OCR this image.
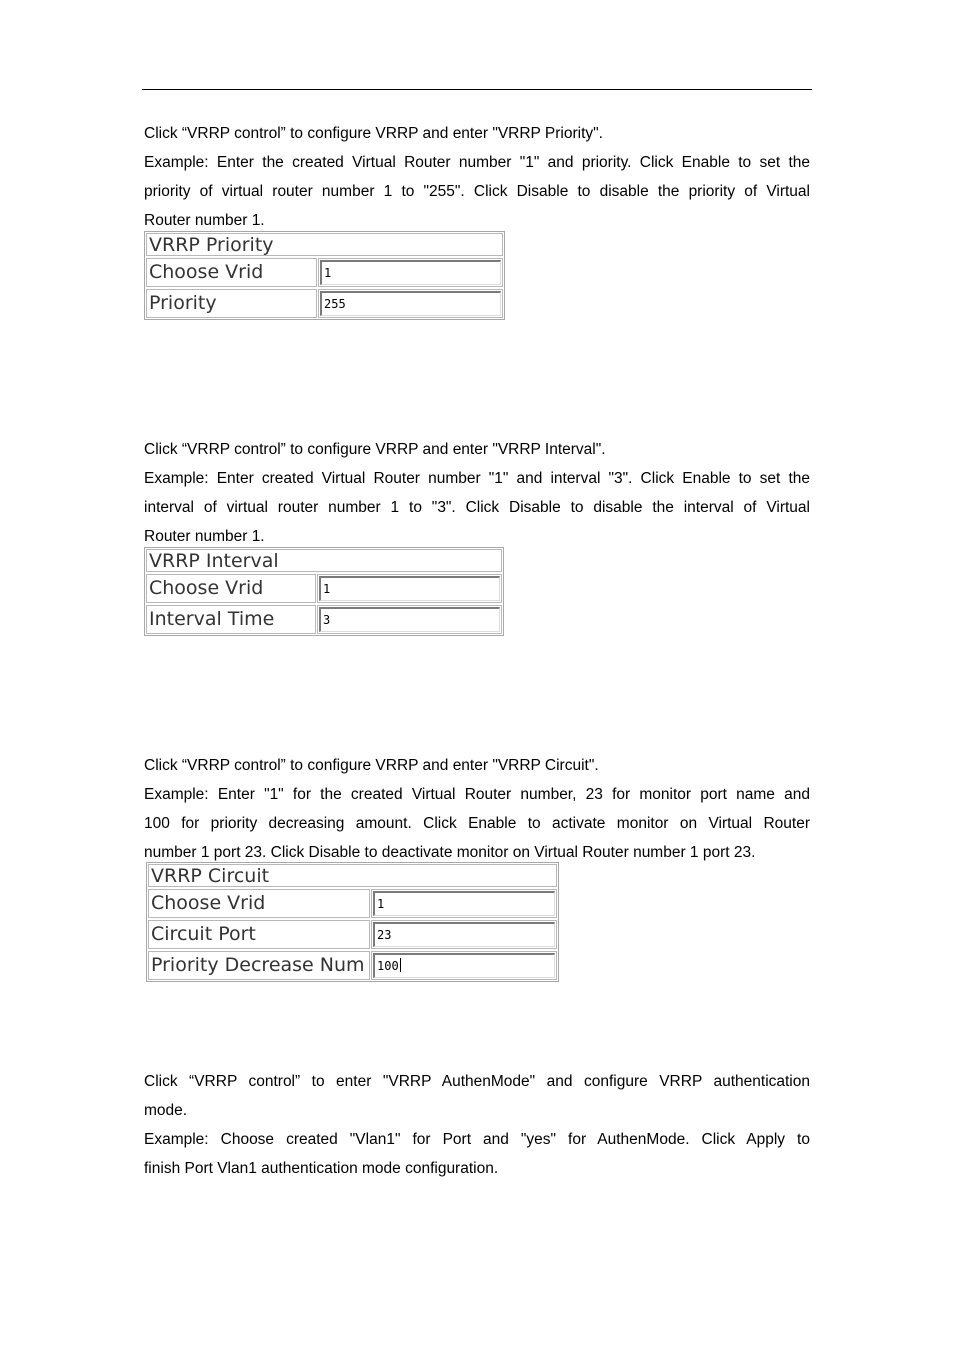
Click “VRRP control” to configure VRRP and enter "VRRP Priority".
Example: Enter the created Virtual Router number "1" and priority. Click Enable to set the
priority of virtual router number 1 to "255". Click Disable to disable the priority of Virtual
Router number 1.

VRRP Priority
Choose Vrid	1
Priority	255

Click “VRRP control” to configure VRRP and enter "VRRP Interval".
Example: Enter created Virtual Router number "1" and interval "3". Click Enable to set the
interval of virtual router number 1 to "3". Click Disable to disable the interval of Virtual
Router number 1.

VRRP Interval
Choose Vrid	1
Interval Time	3

Click “VRRP control” to configure VRRP and enter "VRRP Circuit".
Example: Enter "1" for the created Virtual Router number, 23 for monitor port name and
100 for priority decreasing amount. Click Enable to activate monitor on Virtual Router
number 1 port 23. Click Disable to deactivate monitor on Virtual Router number 1 port 23.

VRRP Circuit
Choose Vrid	1
Circuit Port	23
Priority Decrease Num	100

Click “VRRP control” to enter "VRRP AuthenMode" and configure VRRP authentication
mode.
Example: Choose created "Vlan1" for Port and "yes" for AuthenMode. Click Apply to
finish Port Vlan1 authentication mode configuration.
